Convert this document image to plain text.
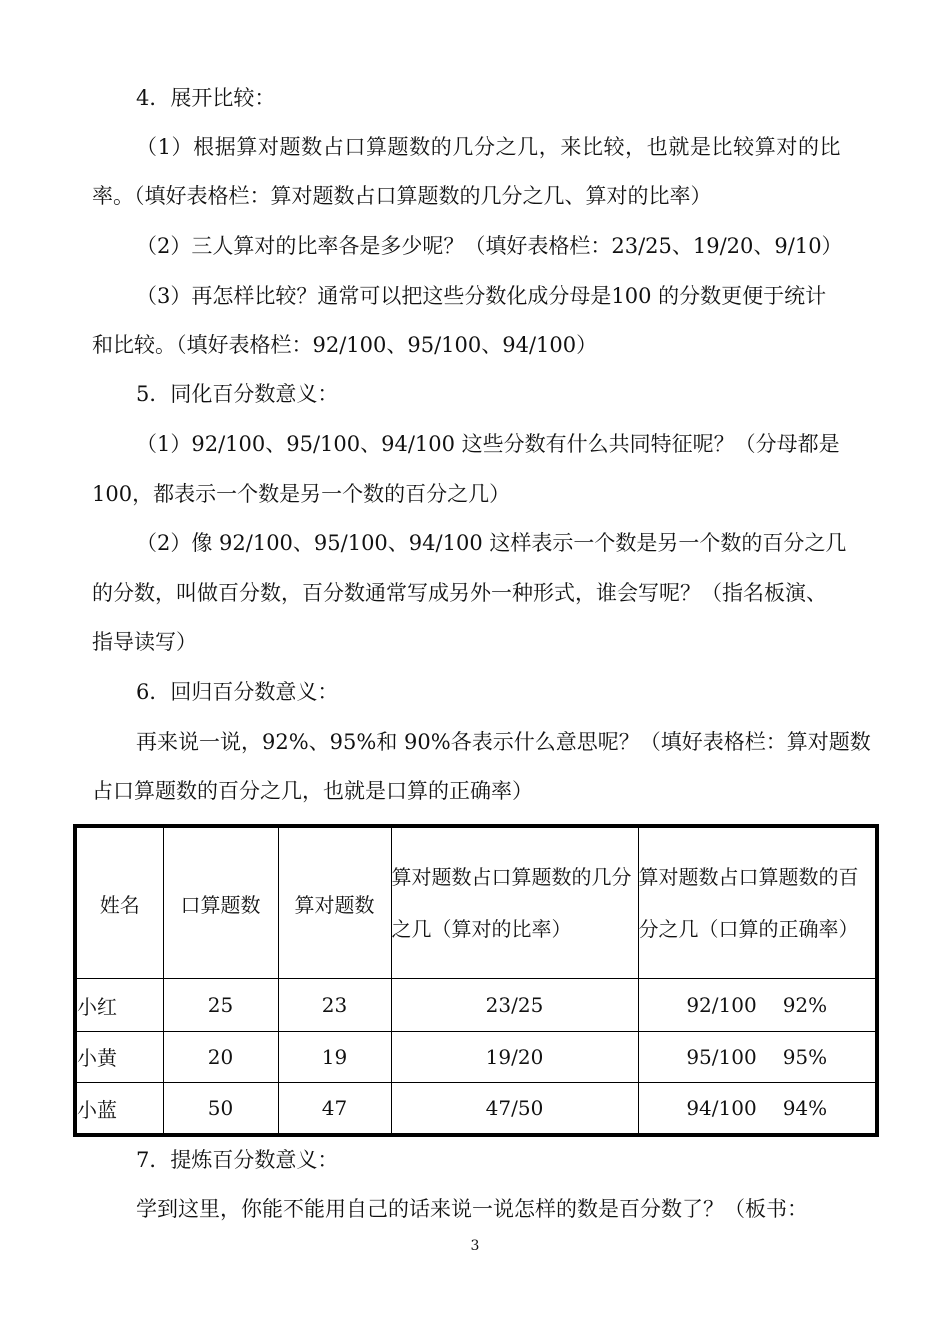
4．展开比较：
（1）根据算对题数占口算题数的几分之几，来比较，也就是比较算对的比
率。（填好表格栏：算对题数占口算题数的几分之几、算对的比率）
（2）三人算对的比率各是多少呢？（填好表格栏：23/25、19/20、9/10）
（3）再怎样比较？通常可以把这些分数化成分母是100 的分数更便于统计
和比较。（填好表格栏：92/100、95/100、94/100）
5．同化百分数意义：
（1）92/100、95/100、94/100 这些分数有什么共同特征呢？（分母都是
100，都表示一个数是另一个数的百分之几）
（2）像 92/100、95/100、94/100 这样表示一个数是另一个数的百分之几
的分数，叫做百分数，百分数通常写成另外一种形式，谁会写呢？（指名板演、
指导读写）
6．回归百分数意义：
再来说一说，92%、95%和 90%各表示什么意思呢？（填好表格栏：算对题数
占口算题数的百分之几，也就是口算的正确率）
姓名	口算题数	算对题数	算对题数占口算题数的几分之几（算对的比率）	算对题数占口算题数的百分之几（口算的正确率）
小红	25	23	23/25	92/100 92%
小黄	20	19	19/20	95/100 95%
小蓝	50	47	47/50	94/100 94%
7．提炼百分数意义：
学到这里，你能不能用自己的话来说一说怎样的数是百分数了？（板书：
3
